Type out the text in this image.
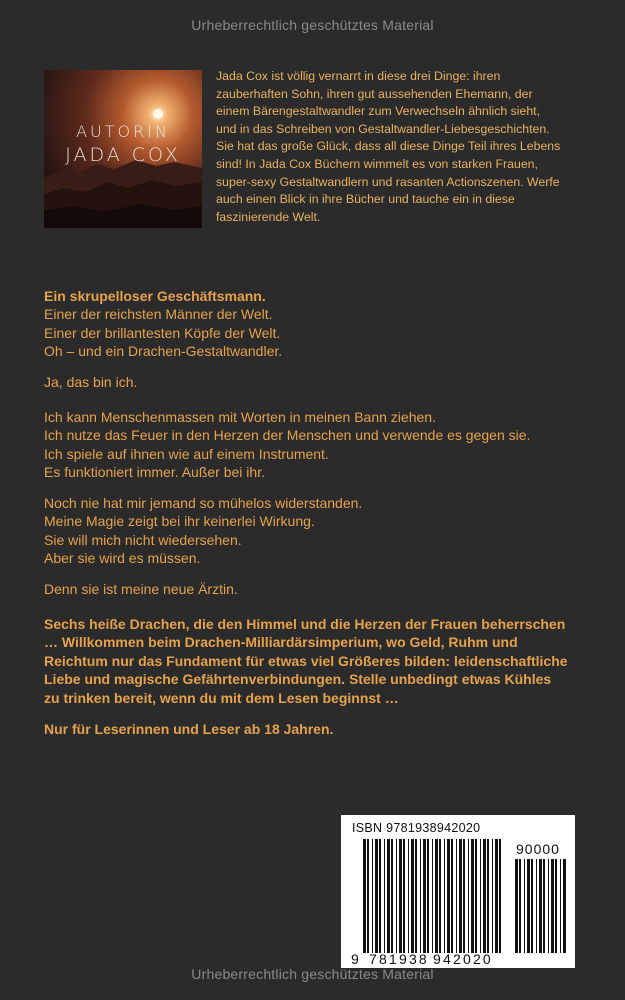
Urheberrechtlich geschütztes Material
AUTORIN
JADA COX

Jada Cox ist völlig vernarrt in diese drei Dinge: ihren

zauberhaften Sohn, ihren gut aussehenden Ehemann, der

einem Bärengestaltwandler zum Verwechseln ähnlich sieht,

und in das Schreiben von Gestaltwandler-Liebesgeschichten.

Sie hat das große Glück, dass all diese Dinge Teil ihres Lebens

sind! In Jada Cox Büchern wimmelt es von starken Frauen,

super-sexy Gestaltwandlern und rasanten Actionszenen. Werfe

auch einen Blick in ihre Bücher und tauche ein in diese

faszinierende Welt.

Ein skrupelloser Geschäftsmann.

Einer der reichsten Männer der Welt.

Einer der brillantesten Köpfe der Welt.

Oh – und ein Drachen-Gestaltwandler.

Ja, das bin ich.

Ich kann Menschenmassen mit Worten in meinen Bann ziehen.

Ich nutze das Feuer in den Herzen der Menschen und verwende es gegen sie.

Ich spiele auf ihnen wie auf einem Instrument.

Es funktioniert immer. Außer bei ihr.

Noch nie hat mir jemand so mühelos widerstanden.

Meine Magie zeigt bei ihr keinerlei Wirkung.

Sie will mich nicht wiedersehen.

Aber sie wird es müssen.

Denn sie ist meine neue Ärztin.

Sechs heiße Drachen, die den Himmel und die Herzen der Frauen beherrschen

… Willkommen beim Drachen-Milliardärsimperium, wo Geld, Ruhm und

Reichtum nur das Fundament für etwas viel Größeres bilden: leidenschaftliche

Liebe und magische Gefährtenverbindungen. Stelle unbedingt etwas Kühles

zu trinken bereit, wenn du mit dem Lesen beginnst …

Nur für Leserinnen und Leser ab 18 Jahren.

ISBN 9781938942020
90000
9 781938 942020
Urheberrechtlich geschütztes Material
